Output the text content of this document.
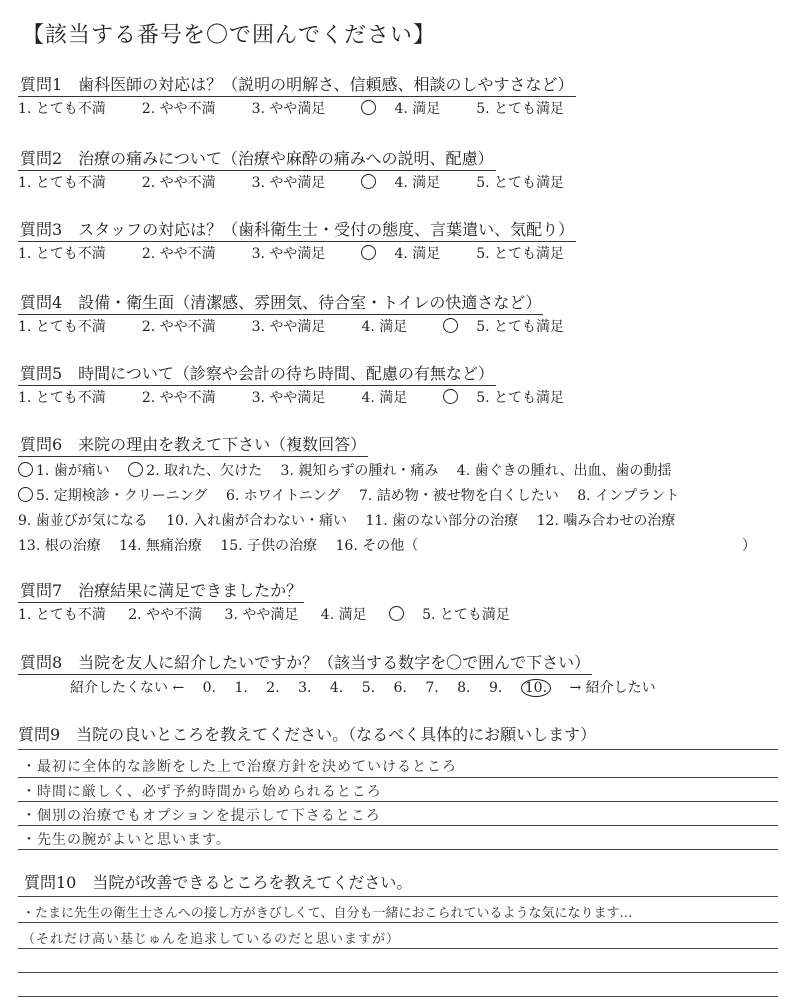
【該当する番号を〇で囲んでください】
質問1　歯科医師の対応は？（説明の明解さ、信頼感、相談のしやすさなど）
1. とても不満	2. やや不満	3. やや満足	4. 満足	5. とても満足
質問2　治療の痛みについて（治療や麻酔の痛みへの説明、配慮）
1. とても不満	2. やや不満	3. やや満足	4. 満足	5. とても満足
質問3　スタッフの対応は？（歯科衛生士・受付の態度、言葉遣い、気配り）
1. とても不満	2. やや不満	3. やや満足	4. 満足	5. とても満足
質問4　設備・衛生面（清潔感、雰囲気、待合室・トイレの快適さなど）
1. とても不満	2. やや不満	3. やや満足	4. 満足	5. とても満足
質問5　時間について（診察や会計の待ち時間、配慮の有無など）
1. とても不満	2. やや不満	3. やや満足	4. 満足	5. とても満足
質問6　来院の理由を教えて下さい（複数回答）
1. 歯が痛い	2. 取れた、欠けた 3. 親知らずの腫れ・痛み 4. 歯ぐきの腫れ、出血、歯の動揺
5. 定期検診・クリーニング 6. ホワイトニング 7. 詰め物・被せ物を白くしたい 8. インプラント
9. 歯並びが気になる 10. 入れ歯が合わない・痛い 11. 歯のない部分の治療 12. 噛み合わせの治療
13. 根の治療 14. 無痛治療 15. 子供の治療 16. その他（	）
質問7　治療結果に満足できましたか？
1. とても不満 2. やや不満 3. やや満足 4. 満足	5. とても満足
質問8　当院を友人に紹介したいですか？（該当する数字を〇で囲んで下さい）
紹介したくない ← 0. 1. 2. 3. 4. 5. 6. 7. 8. 9. 10. → 紹介したい
質問9　当院の良いところを教えてください。（なるべく具体的にお願いします）
・最初に全体的な診断をした上で治療方針を決めていけるところ
・時間に厳しく、必ず予約時間から始められるところ
・個別の治療でもオプションを提示して下さるところ
・先生の腕がよいと思います。
質問10　当院が改善できるところを教えてください。
・たまに先生の衛生士さんへの接し方がきびしくて、自分も一緒におこられているような気になります…
（それだけ高い基じゅんを追求しているのだと思いますが）
